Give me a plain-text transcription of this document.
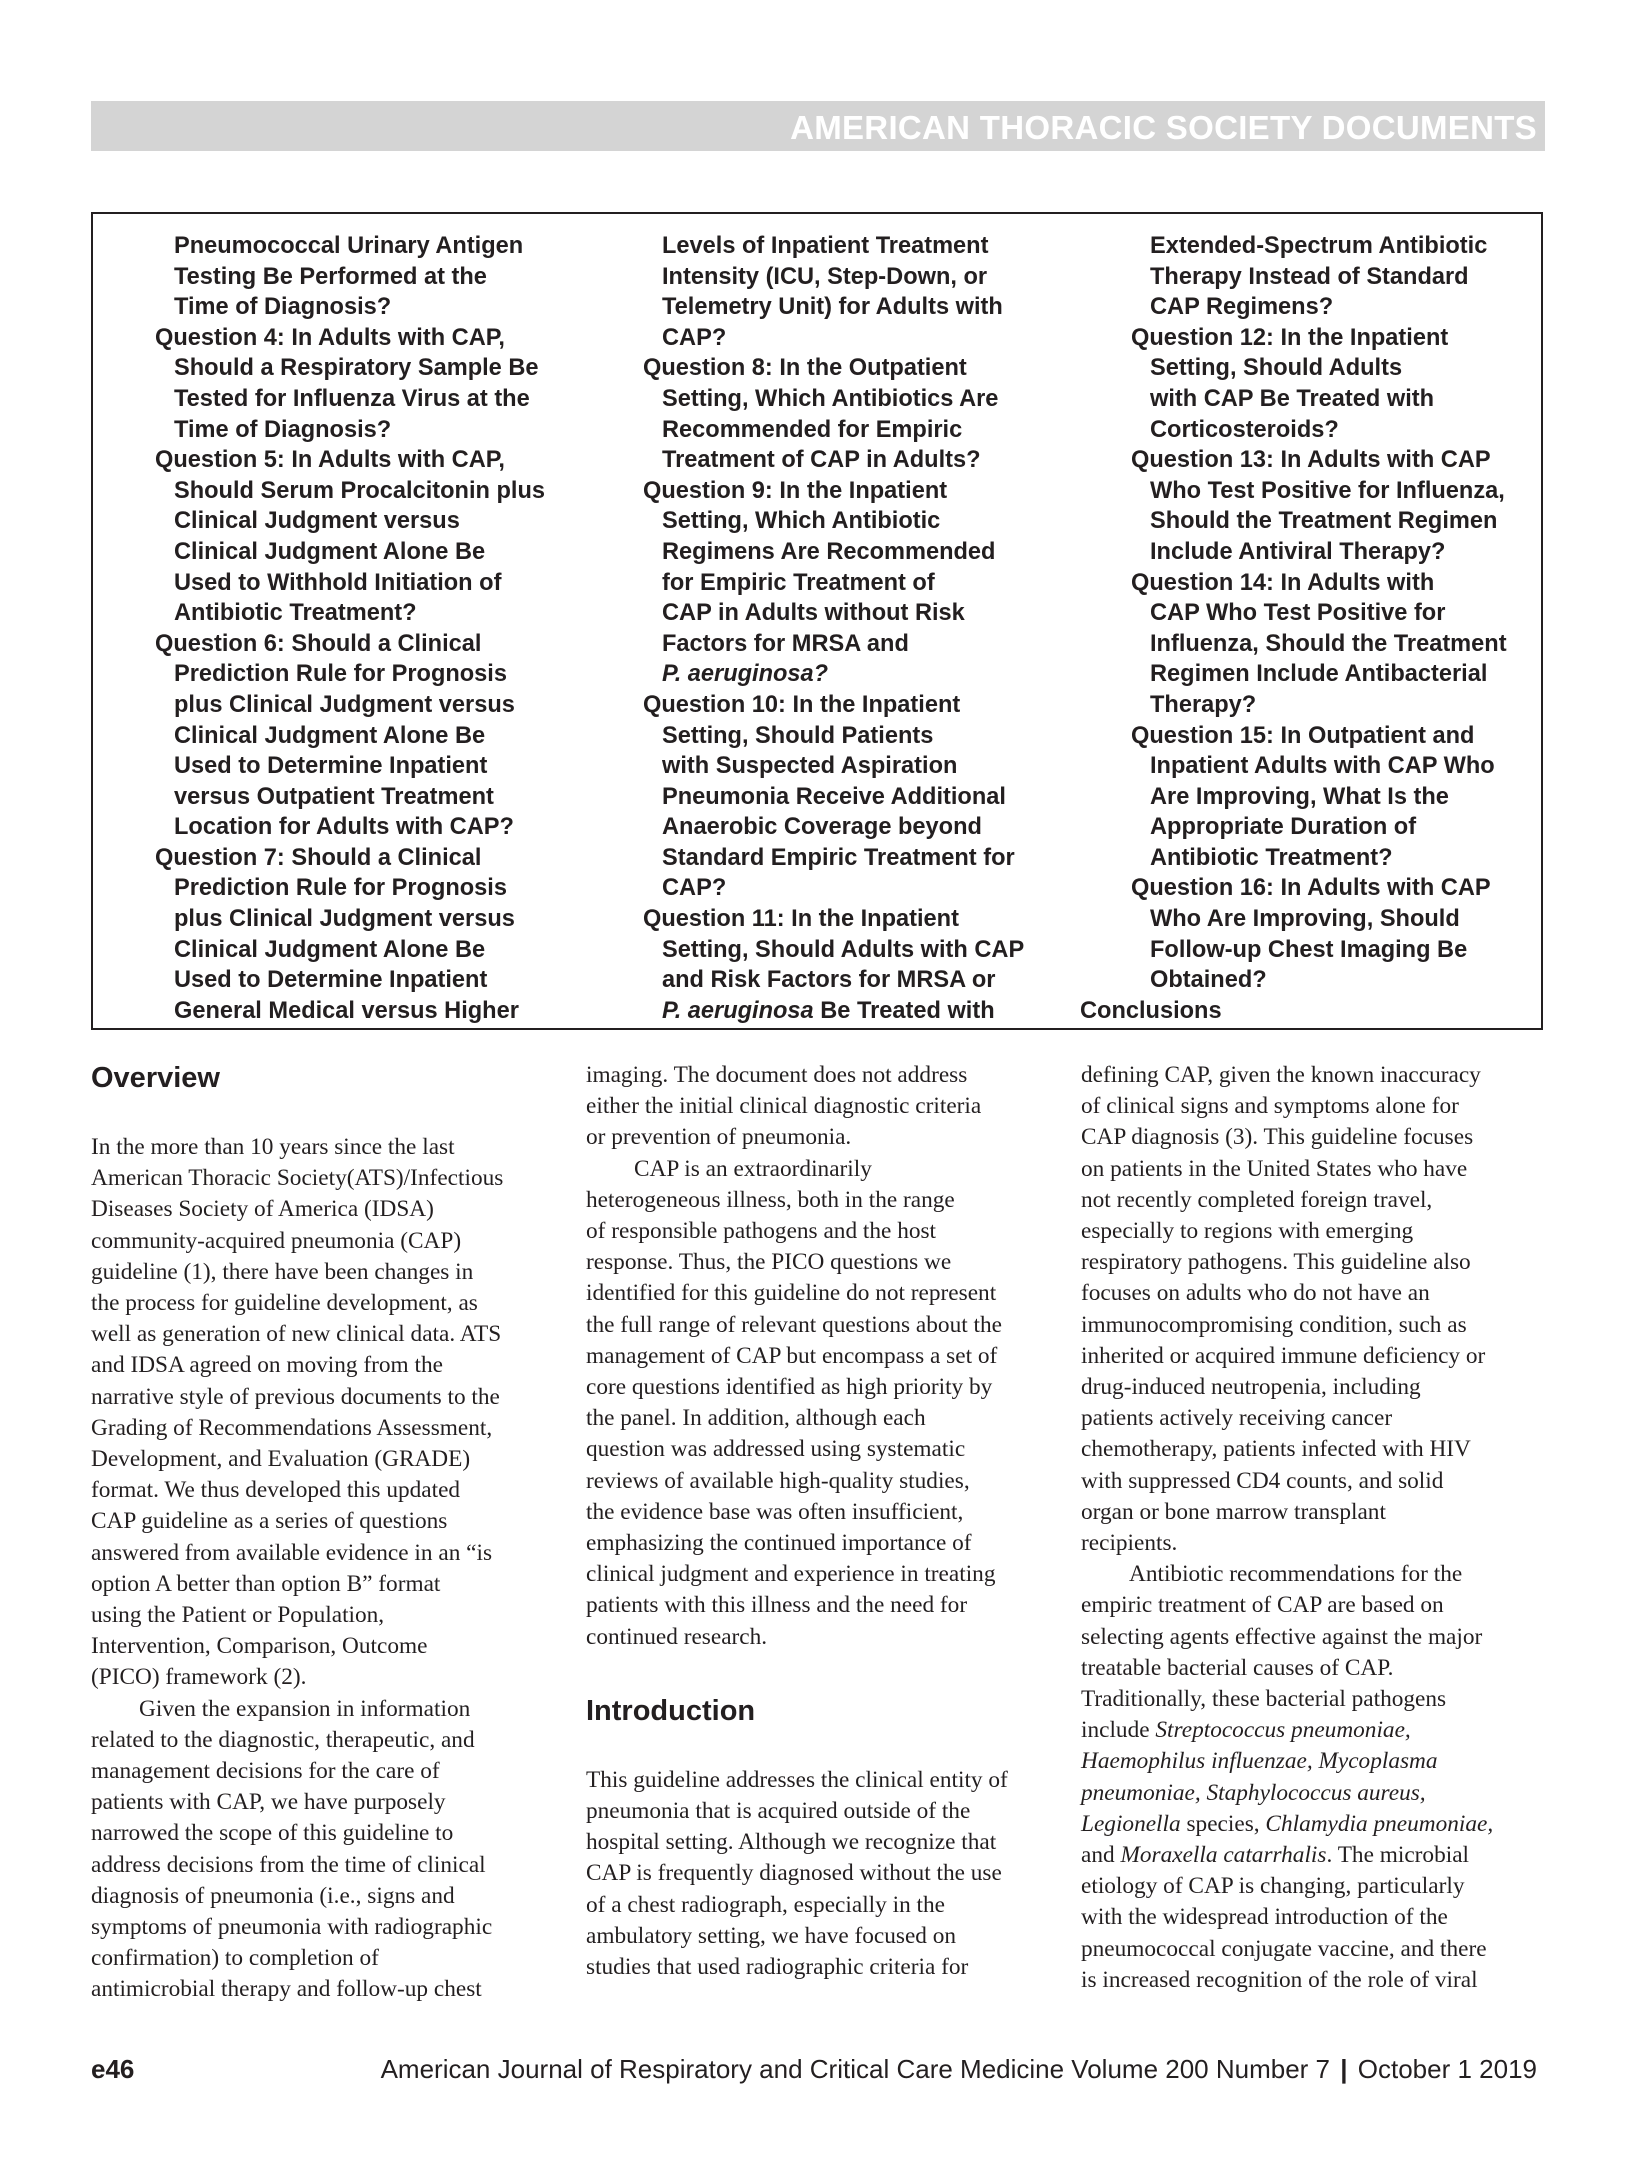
AMERICAN THORACIC SOCIETY DOCUMENTS
Pneumococcal Urinary Antigen
Testing Be Performed at the
Time of Diagnosis?
Question 4: In Adults with CAP,
Should a Respiratory Sample Be
Tested for Influenza Virus at the
Time of Diagnosis?
Question 5: In Adults with CAP,
Should Serum Procalcitonin plus
Clinical Judgment versus
Clinical Judgment Alone Be
Used to Withhold Initiation of
Antibiotic Treatment?
Question 6: Should a Clinical
Prediction Rule for Prognosis
plus Clinical Judgment versus
Clinical Judgment Alone Be
Used to Determine Inpatient
versus Outpatient Treatment
Location for Adults with CAP?
Question 7: Should a Clinical
Prediction Rule for Prognosis
plus Clinical Judgment versus
Clinical Judgment Alone Be
Used to Determine Inpatient
General Medical versus Higher
Levels of Inpatient Treatment
Intensity (ICU, Step-Down, or
Telemetry Unit) for Adults with
CAP?
Question 8: In the Outpatient
Setting, Which Antibiotics Are
Recommended for Empiric
Treatment of CAP in Adults?
Question 9: In the Inpatient
Setting, Which Antibiotic
Regimens Are Recommended
for Empiric Treatment of
CAP in Adults without Risk
Factors for MRSA and
P. aeruginosa?
Question 10: In the Inpatient
Setting, Should Patients
with Suspected Aspiration
Pneumonia Receive Additional
Anaerobic Coverage beyond
Standard Empiric Treatment for
CAP?
Question 11: In the Inpatient
Setting, Should Adults with CAP
and Risk Factors for MRSA or
P. aeruginosa Be Treated with
Extended-Spectrum Antibiotic
Therapy Instead of Standard
CAP Regimens?
Question 12: In the Inpatient
Setting, Should Adults
with CAP Be Treated with
Corticosteroids?
Question 13: In Adults with CAP
Who Test Positive for Influenza,
Should the Treatment Regimen
Include Antiviral Therapy?
Question 14: In Adults with
CAP Who Test Positive for
Influenza, Should the Treatment
Regimen Include Antibacterial
Therapy?
Question 15: In Outpatient and
Inpatient Adults with CAP Who
Are Improving, What Is the
Appropriate Duration of
Antibiotic Treatment?
Question 16: In Adults with CAP
Who Are Improving, Should
Follow-up Chest Imaging Be
Obtained?
Conclusions
Overview
In the more than 10 years since the last
American Thoracic Society(ATS)/Infectious
Diseases Society of America (IDSA)
community-acquired pneumonia (CAP)
guideline (1), there have been changes in
the process for guideline development, as
well as generation of new clinical data. ATS
and IDSA agreed on moving from the
narrative style of previous documents to the
Grading of Recommendations Assessment,
Development, and Evaluation (GRADE)
format. We thus developed this updated
CAP guideline as a series of questions
answered from available evidence in an “is
option A better than option B” format
using the Patient or Population,
Intervention, Comparison, Outcome
(PICO) framework (2).
Given the expansion in information
related to the diagnostic, therapeutic, and
management decisions for the care of
patients with CAP, we have purposely
narrowed the scope of this guideline to
address decisions from the time of clinical
diagnosis of pneumonia (i.e., signs and
symptoms of pneumonia with radiographic
confirmation) to completion of
antimicrobial therapy and follow-up chest
imaging. The document does not address
either the initial clinical diagnostic criteria
or prevention of pneumonia.
CAP is an extraordinarily
heterogeneous illness, both in the range
of responsible pathogens and the host
response. Thus, the PICO questions we
identified for this guideline do not represent
the full range of relevant questions about the
management of CAP but encompass a set of
core questions identified as high priority by
the panel. In addition, although each
question was addressed using systematic
reviews of available high-quality studies,
the evidence base was often insufficient,
emphasizing the continued importance of
clinical judgment and experience in treating
patients with this illness and the need for
continued research.
Introduction
This guideline addresses the clinical entity of
pneumonia that is acquired outside of the
hospital setting. Although we recognize that
CAP is frequently diagnosed without the use
of a chest radiograph, especially in the
ambulatory setting, we have focused on
studies that used radiographic criteria for
defining CAP, given the known inaccuracy
of clinical signs and symptoms alone for
CAP diagnosis (3). This guideline focuses
on patients in the United States who have
not recently completed foreign travel,
especially to regions with emerging
respiratory pathogens. This guideline also
focuses on adults who do not have an
immunocompromising condition, such as
inherited or acquired immune deficiency or
drug-induced neutropenia, including
patients actively receiving cancer
chemotherapy, patients infected with HIV
with suppressed CD4 counts, and solid
organ or bone marrow transplant
recipients.
Antibiotic recommendations for the
empiric treatment of CAP are based on
selecting agents effective against the major
treatable bacterial causes of CAP.
Traditionally, these bacterial pathogens
include Streptococcus pneumoniae,
Haemophilus influenzae, Mycoplasma
pneumoniae, Staphylococcus aureus,
Legionella species, Chlamydia pneumoniae,
and Moraxella catarrhalis. The microbial
etiology of CAP is changing, particularly
with the widespread introduction of the
pneumococcal conjugate vaccine, and there
is increased recognition of the role of viral
e46	American Journal of Respiratory and Critical Care Medicine Volume 200 Number 7 | October 1 2019
